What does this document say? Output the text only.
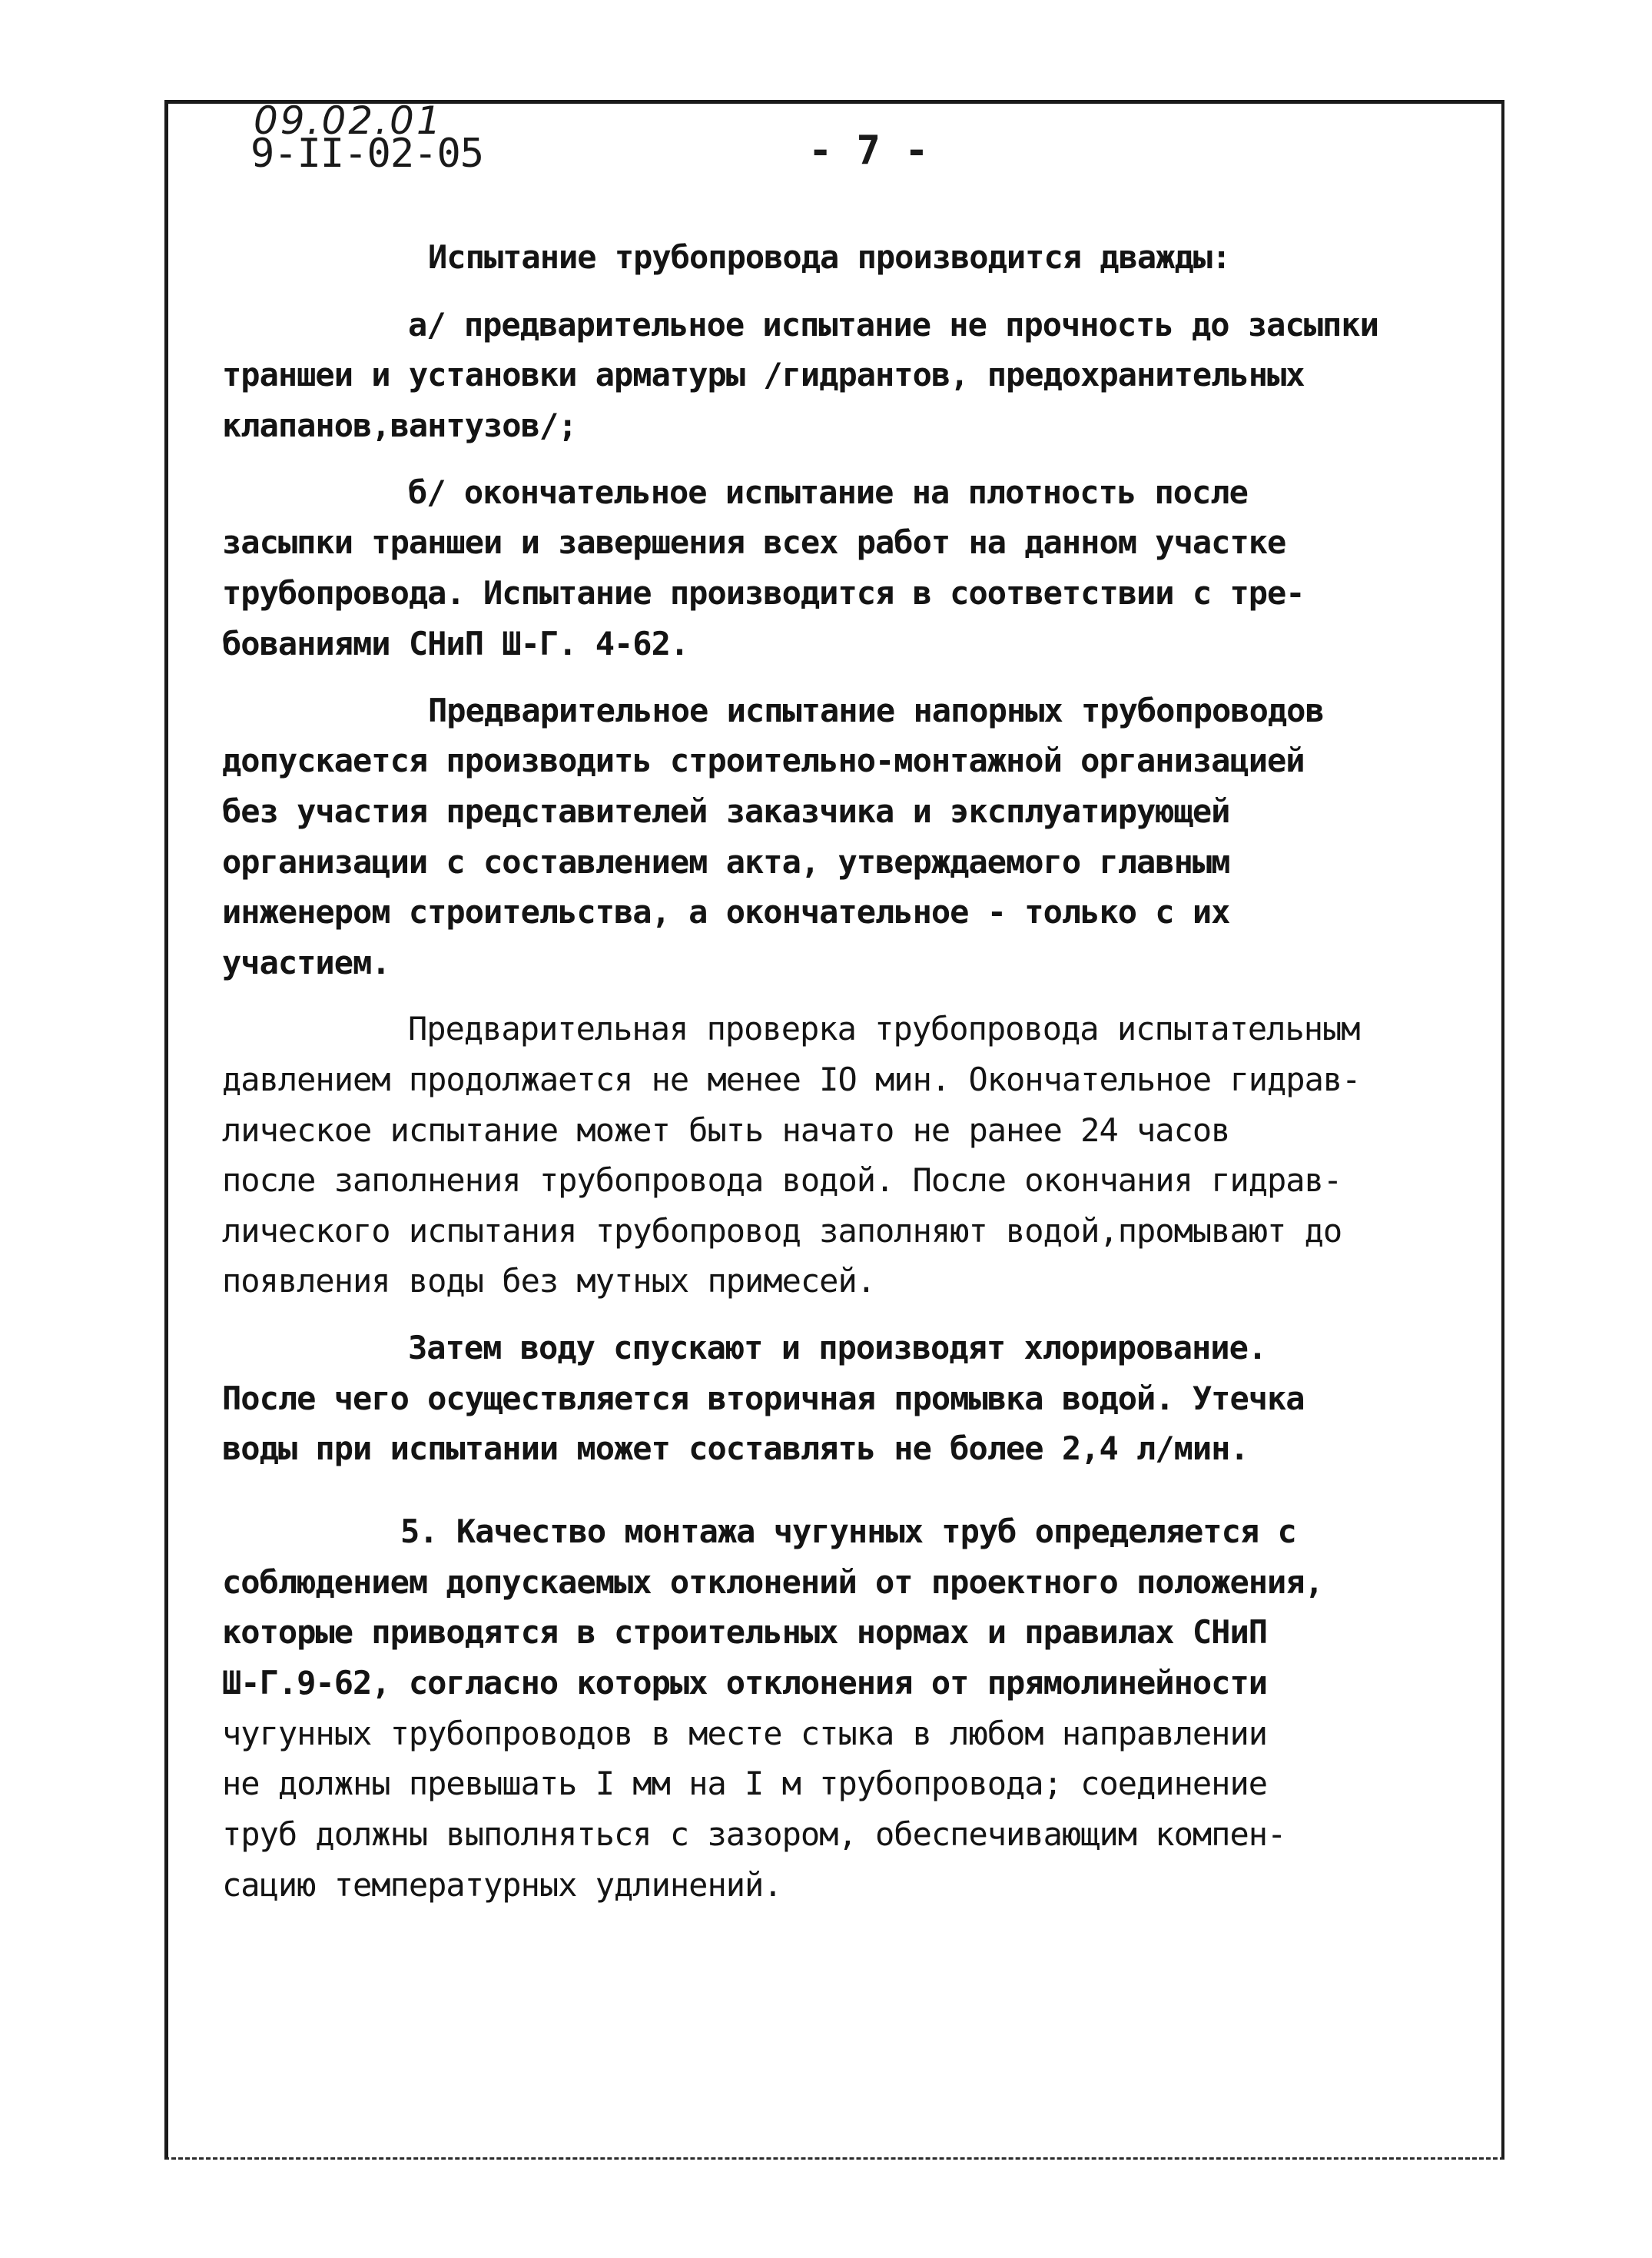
09.02.01
9-II-02-05	- 7 -
Испытание трубопровода производится дважды:
а/ предварительное испытание не прочность до засыпки
траншеи и установки арматуры /гидрантов, предохранительных
клапанов,вантузов/;
б/ окончательное испытание на плотность после
засыпки траншеи и завершения всех работ на данном участке
трубопровода. Испытание производится в соответствии с тре-
бованиями СНиП Ш-Г. 4-62.
Предварительное испытание напорных трубопроводов
допускается производить строительно-монтажной организацией
без участия представителей заказчика и эксплуатирующей
организации с составлением акта, утверждаемого главным
инженером строительства, а окончательное - только с их
участием.
Предварительная проверка трубопровода испытательным
давлением продолжается не менее IO мин. Окончательное гидрав-
лическое испытание может быть начато не ранее 24 часов
после заполнения трубопровода водой. После окончания гидрав-
лического испытания трубопровод заполняют водой,промывают до
появления воды без мутных примесей.
Затем воду спускают и производят хлорирование.
После чего осуществляется вторичная промывка водой. Утечка
воды при испытании может составлять не более 2,4 л/мин.
5. Качество монтажа чугунных труб определяется с
соблюдением допускаемых отклонений от проектного положения,
которые приводятся в строительных нормах и правилах СНиП
Ш-Г.9-62, согласно которых отклонения от прямолинейности
чугунных трубопроводов в месте стыка в любом направлении
не должны превышать I мм на I м трубопровода; соединение
труб должны выполняться с зазором, обеспечивающим компен-
сацию температурных удлинений.
